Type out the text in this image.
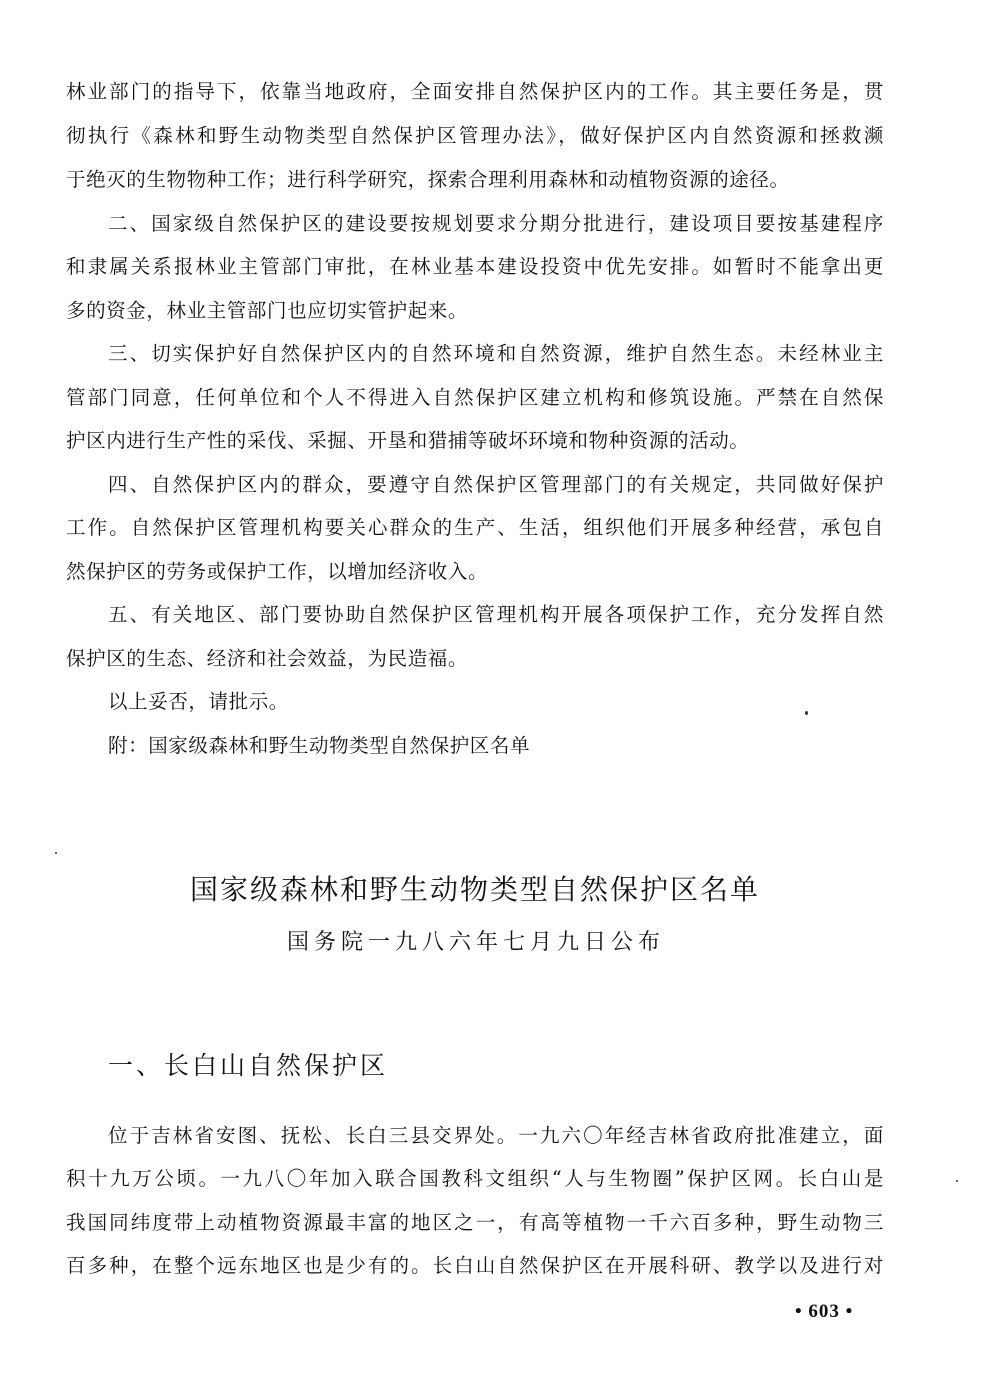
林业部门的指导下，依靠当地政府，全面安排自然保护区内的工作。其主要任务是，贯
彻执行《森林和野生动物类型自然保护区管理办法》，做好保护区内自然资源和拯救濒
于绝灭的生物物种工作；进行科学研究，探索合理利用森林和动植物资源的途径。
二、国家级自然保护区的建设要按规划要求分期分批进行，建设项目要按基建程序
和隶属关系报林业主管部门审批，在林业基本建设投资中优先安排。如暂时不能拿出更
多的资金，林业主管部门也应切实管护起来。
三、切实保护好自然保护区内的自然环境和自然资源，维护自然生态。未经林业主
管部门同意，任何单位和个人不得进入自然保护区建立机构和修筑设施。严禁在自然保
护区内进行生产性的采伐、采掘、开垦和猎捕等破坏环境和物种资源的活动。
四、自然保护区内的群众，要遵守自然保护区管理部门的有关规定，共同做好保护
工作。自然保护区管理机构要关心群众的生产、生活，组织他们开展多种经营，承包自
然保护区的劳务或保护工作，以增加经济收入。
五、有关地区、部门要协助自然保护区管理机构开展各项保护工作，充分发挥自然
保护区的生态、经济和社会效益，为民造福。
以上妥否，请批示。
附：国家级森林和野生动物类型自然保护区名单
国家级森林和野生动物类型自然保护区名单
国务院一九八六年七月九日公布
一、长白山自然保护区
位于吉林省安图、抚松、长白三县交界处。一九六〇年经吉林省政府批准建立，面
积十九万公顷。一九八〇年加入联合国教科文组织“人与生物圈”保护区网。长白山是
我国同纬度带上动植物资源最丰富的地区之一，有高等植物一千六百多种，野生动物三
百多种，在整个远东地区也是少有的。长白山自然保护区在开展科研、教学以及进行对
• 603 •
